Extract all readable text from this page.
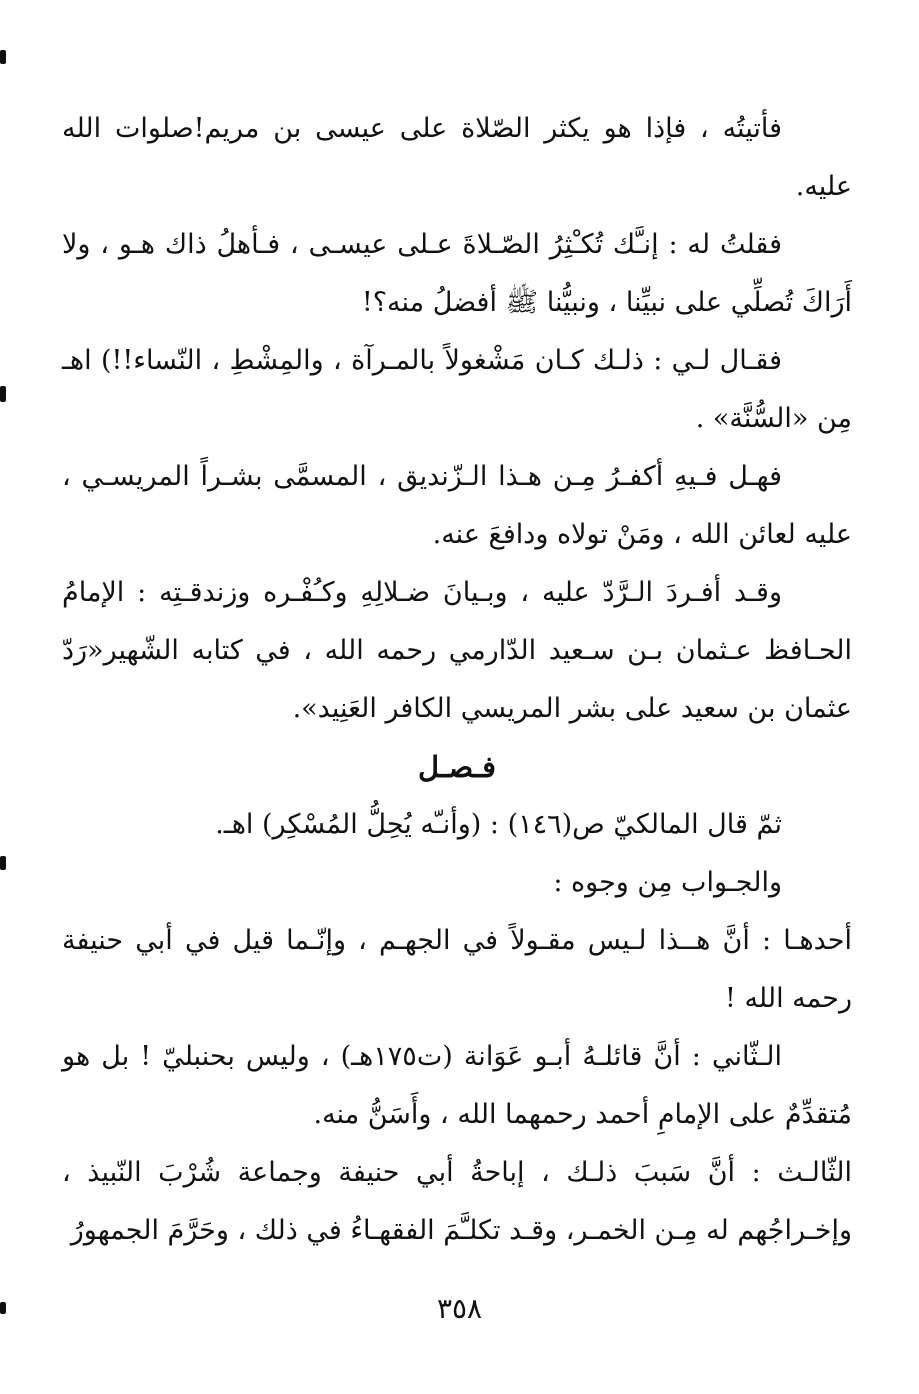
فأتيتُه ، فإذا هو يكثر الصّلاة على عيسى بن مريم!صلوات الله عليه.

فقلتُ له : إنـَّك تُكـْثِرُ الصّـلاةَ عـلى عيسـى ، فـأهلُ ذاك هـو ، ولا أَرَاكَ تُصلِّي على نبيِّنا ، ونبيُّنا ﷺ أفضلُ منه؟!

فقـال لـي : ذلـك كـان مَشْغولاً بالمـرآة ، والمِشْطِ ، النّساء!!) اهـ مِن «السُّنَّة» .

فهـل فـيهِ أكفـرُ مِـن هـذا الـزّنديق ، المسمَّى بشـراً المريسـي ، عليه لعائن الله ، ومَنْ تولاه ودافعَ عنه.

وقـد أفـردَ الـرَّدّ عليه ، وبـيانَ ضـلالِهِ وكـُفْـره وزندقـتِه : الإمامُ الحـافظ عـثمان بـن سـعيد الدّارمي رحمه الله ، في كتابه الشّهير«رَدّ عثمان بن سعيد على بشر المريسي الكافر العَنِيد».

فـصـل

ثمّ قال المالكيّ ص(١٤٦) : (وأنـّه يُحِلُّ المُسْكِر) اهـ.

والجـواب مِن وجوه :

أحدهـا : أنَّ هــذا لـيس مقـولاً في الجهـم ، وإنّـما قيل في أبي حنيفة رحمه الله !

الـثّاني : أنَّ قائلـهُ أبـو عَوَانة (ت١٧٥هـ) ، وليس بحنبليّ ! بل هو مُتقدِّمٌ على الإمامِ أحمد رحمهما الله ، وأَسَنُّ منه.

الثّالـث : أنَّ سَببَ ذلـك ، إباحةُ أبي حنيفة وجماعة شُرْبَ النّبيذ ، وإخـراجُهم له مِـن الخمـر، وقـد تكلـَّمَ الفقهـاءُ في ذلك ، وحَرَّمَ الجمهورُ

٣٥٨
